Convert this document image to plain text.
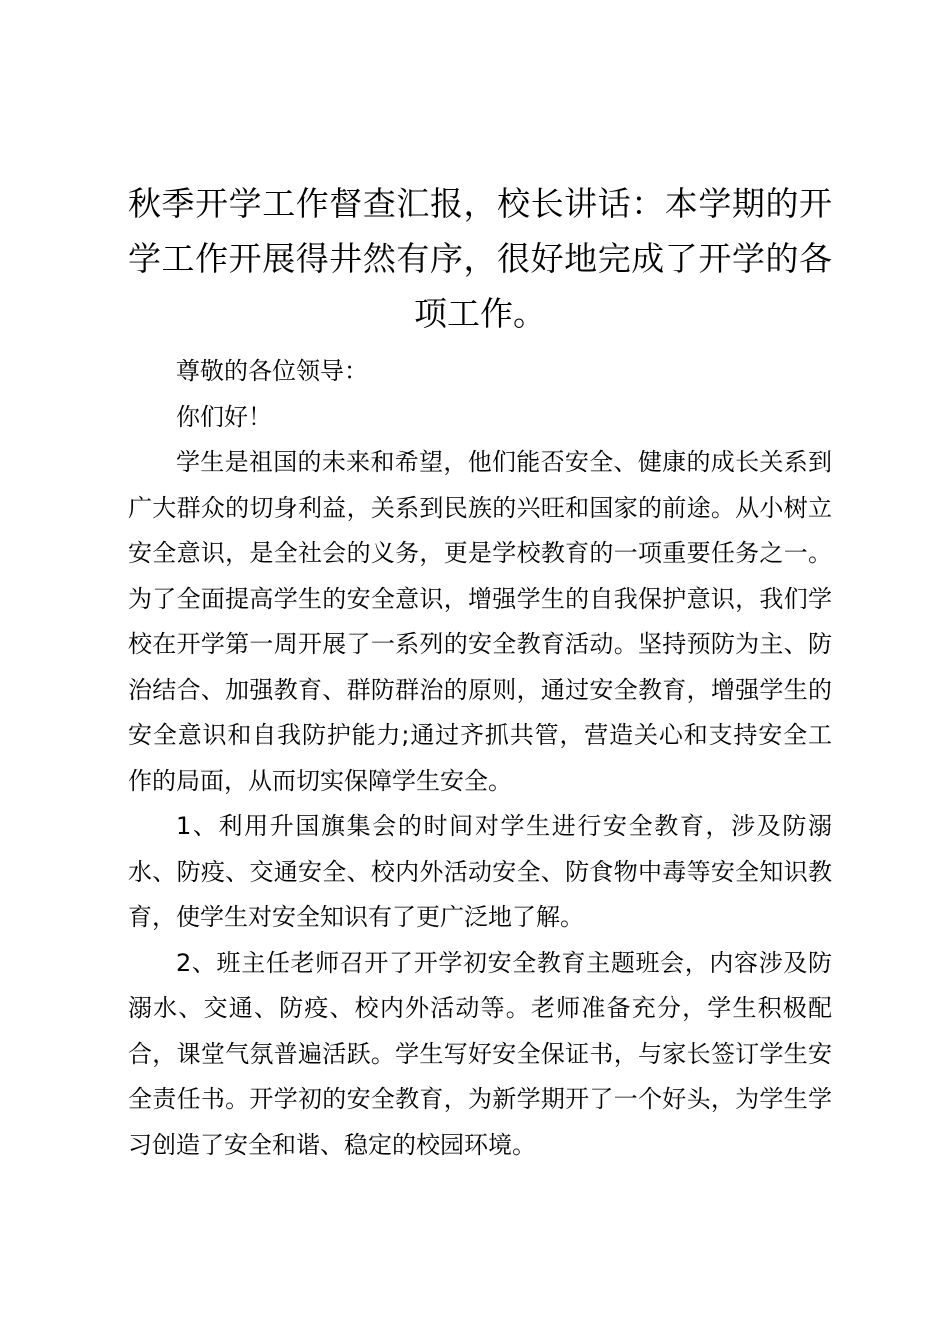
秋季开学工作督查汇报，校长讲话：本学期的开学工作开展得井然有序，很好地完成了开学的各项工作。

尊敬的各位领导：

你们好！

学生是祖国的未来和希望，他们能否安全、健康的成长关系到广大群众的切身利益，关系到民族的兴旺和国家的前途。从小树立安全意识，是全社会的义务，更是学校教育的一项重要任务之一。为了全面提高学生的安全意识，增强学生的自我保护意识，我们学校在开学第一周开展了一系列的安全教育活动。坚持预防为主、防治结合、加强教育、群防群治的原则，通过安全教育，增强学生的安全意识和自我防护能力;通过齐抓共管，营造关心和支持安全工作的局面，从而切实保障学生安全。

1、利用升国旗集会的时间对学生进行安全教育，涉及防溺水、防疫、交通安全、校内外活动安全、防食物中毒等安全知识教育，使学生对安全知识有了更广泛地了解。

2、班主任老师召开了开学初安全教育主题班会，内容涉及防溺水、交通、防疫、校内外活动等。老师准备充分，学生积极配合，课堂气氛普遍活跃。学生写好安全保证书，与家长签订学生安全责任书。开学初的安全教育，为新学期开了一个好头，为学生学习创造了安全和谐、稳定的校园环境。
